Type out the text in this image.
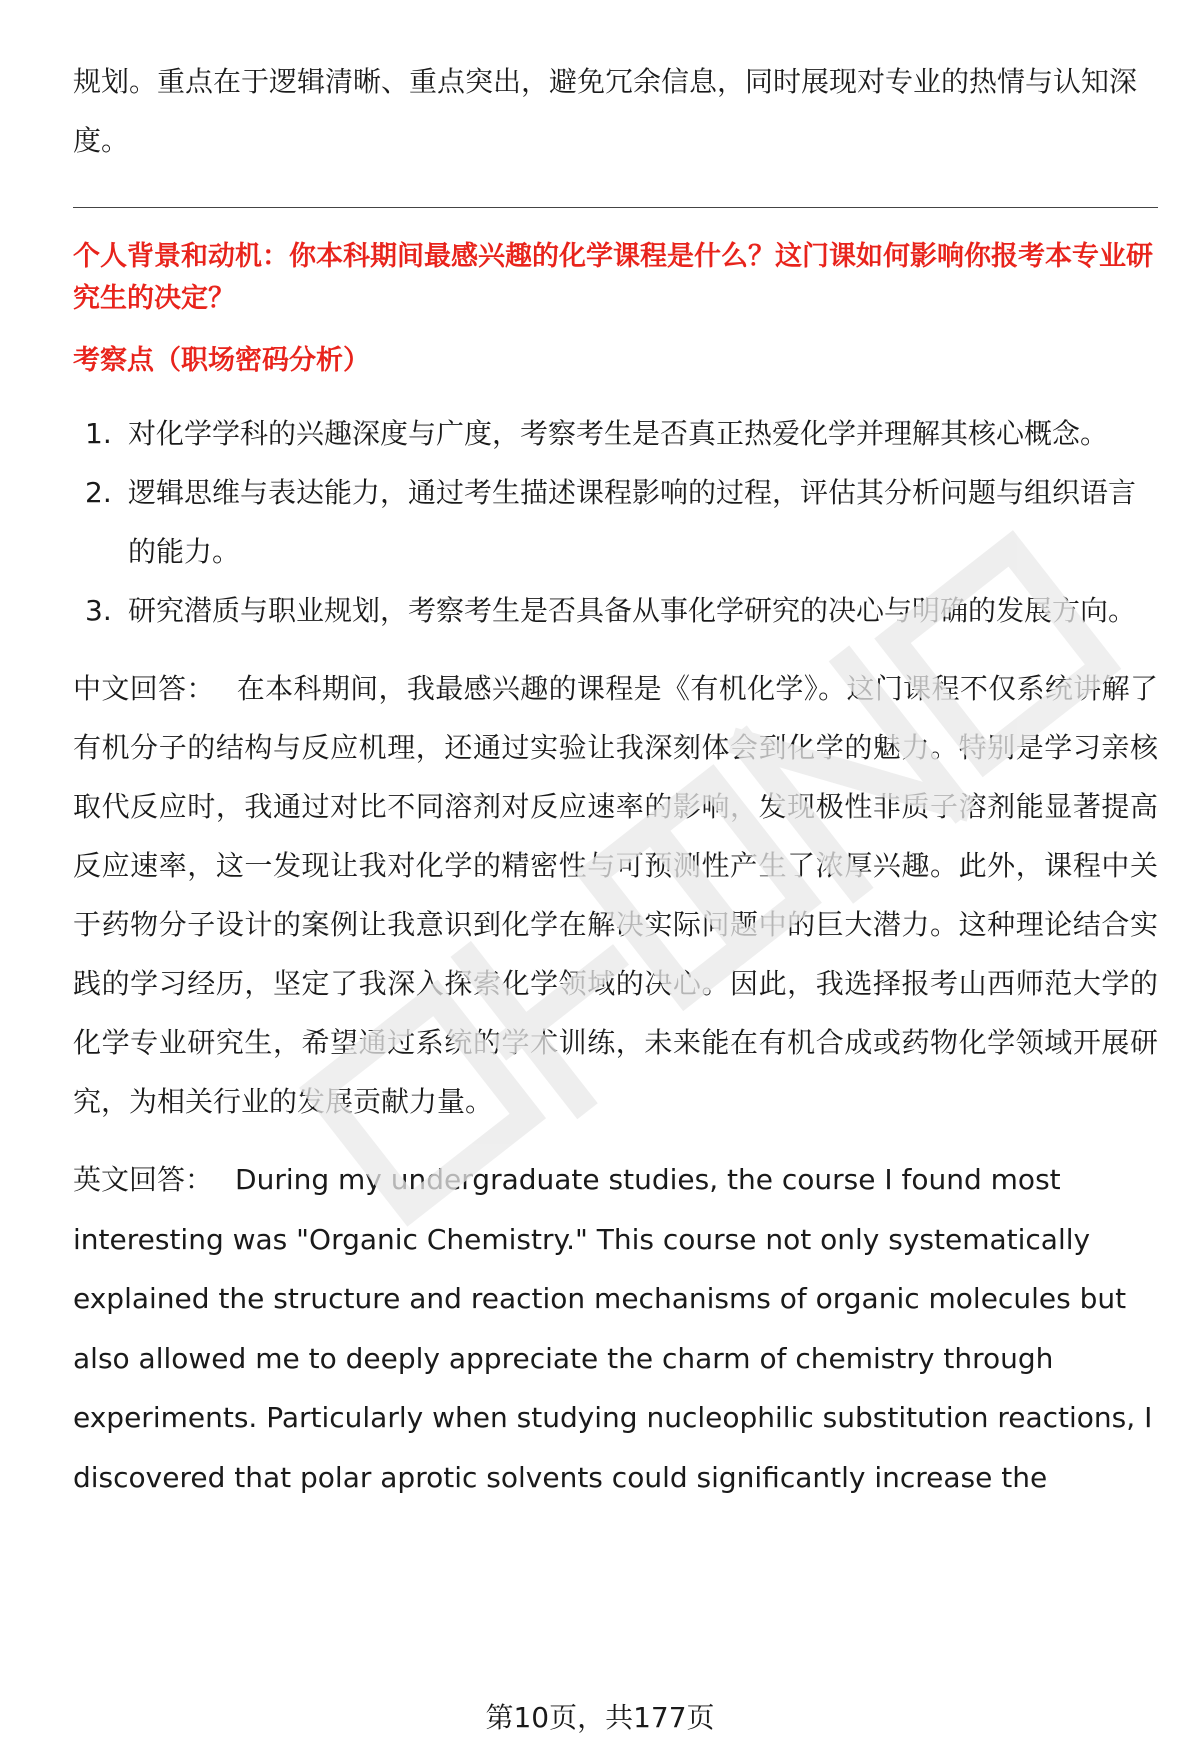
规划。重点在于逻辑清晰、重点突出，避免冗余信息，同时展现对专业的热情与认知深度。

个人背景和动机：你本科期间最感兴趣的化学课程是什么？这门课如何影响你报考本专业研究生的决定？

考察点（职场密码分析）

1. 对化学学科的兴趣深度与广度，考察考生是否真正热爱化学并理解其核心概念。
2. 逻辑思维与表达能力，通过考生描述课程影响的过程，评估其分析问题与组织语言的能力。
3. 研究潜质与职业规划，考察考生是否具备从事化学研究的决心与明确的发展方向。

中文回答： 在本科期间，我最感兴趣的课程是《有机化学》。这门课程不仅系统讲解了有机分子的结构与反应机理，还通过实验让我深刻体会到化学的魅力。特别是学习亲核取代反应时，我通过对比不同溶剂对反应速率的影响，发现极性非质子溶剂能显著提高反应速率，这一发现让我对化学的精密性与可预测性产生了浓厚兴趣。此外，课程中关于药物分子设计的案例让我意识到化学在解决实际问题中的巨大潜力。这种理论结合实践的学习经历，坚定了我深入探索化学领域的决心。因此，我选择报考山西师范大学的化学专业研究生，希望通过系统的学术训练，未来能在有机合成或药物化学领域开展研究，为相关行业的发展贡献力量。

英文回答： During my undergraduate studies, the course I found most interesting was "Organic Chemistry." This course not only systematically explained the structure and reaction mechanisms of organic molecules but also allowed me to deeply appreciate the charm of chemistry through experiments. Particularly when studying nucleophilic substitution reactions, I discovered that polar aprotic solvents could significantly increase the

第10页，共177页
